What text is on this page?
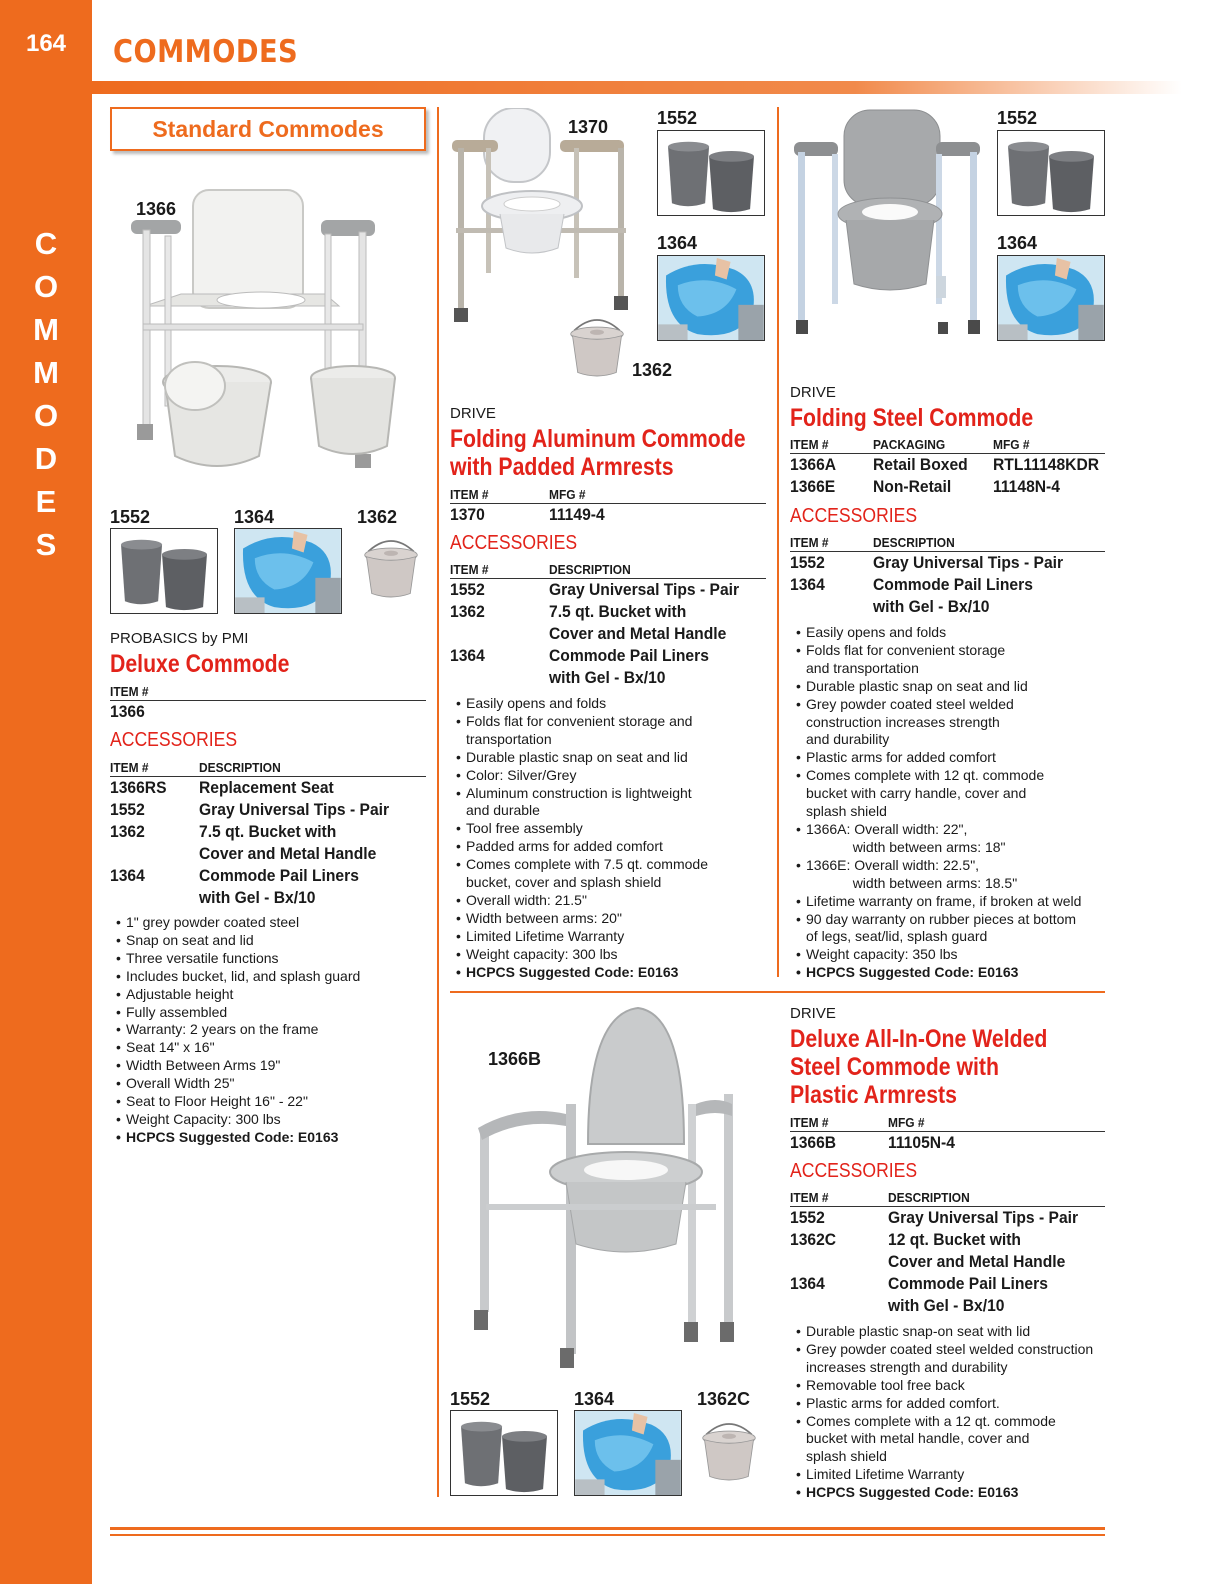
164
C
O
M
M
O
D
E
S
COMMODES
Standard Commodes
1366
1552	1364	1362
PROBASICS by PMI
Deluxe Commode
ITEM #
1366
ACCESSORIES
ITEM #	DESCRIPTION
1366RS	Replacement Seat
1552	Gray Universal Tips - Pair
1362	7.5 qt. Bucket with
Cover and Metal Handle
1364	Commode Pail Liners
with Gel - Bx/10
• 1" grey powder coated steel
• Snap on seat and lid
• Three versatile functions
• Includes bucket, lid, and splash guard
• Adjustable height
• Fully assembled
• Warranty: 2 years on the frame
• Seat 14" x 16"
• Width Between Arms 19"
• Overall Width 25"
• Seat to Floor Height 16" - 22"
• Weight Capacity: 300 lbs
• HCPCS Suggested Code: E0163
1370	1552
1364
1362
DRIVE
Folding Aluminum Commode
with Padded Armrests
ITEM #	MFG #
1370	11149-4
ACCESSORIES
ITEM #	DESCRIPTION
1552	Gray Universal Tips - Pair
1362	7.5 qt. Bucket with
Cover and Metal Handle
1364	Commode Pail Liners
with Gel - Bx/10
• Easily opens and folds
• Folds flat for convenient storage and
transportation
• Durable plastic snap on seat and lid
• Color: Silver/Grey
• Aluminum construction is lightweight
and durable
• Tool free assembly
• Padded arms for added comfort
• Comes complete with 7.5 qt. commode
bucket, cover and splash shield
• Overall width: 21.5"
• Width between arms: 20"
• Limited Lifetime Warranty
• Weight capacity: 300 lbs
• HCPCS Suggested Code: E0163
1552
1364
DRIVE
Folding Steel Commode
ITEM #	PACKAGING	MFG #
1366A	Retail Boxed	RTL11148KDR
1366E	Non-Retail	11148N-4
ACCESSORIES
ITEM #	DESCRIPTION
1552	Gray Universal Tips - Pair
1364	Commode Pail Liners
with Gel - Bx/10
• Easily opens and folds
• Folds flat for convenient storage
and transportation
• Durable plastic snap on seat and lid
• Grey powder coated steel welded
construction increases strength
and durability
• Plastic arms for added comfort
• Comes complete with 12 qt. commode
bucket with carry handle, cover and
splash shield
• 1366A: Overall width: 22",
width between arms: 18"
• 1366E: Overall width: 22.5",
width between arms: 18.5"
• Lifetime warranty on frame, if broken at weld
• 90 day warranty on rubber pieces at bottom
of legs, seat/lid, splash guard
• Weight capacity: 350 lbs
• HCPCS Suggested Code: E0163
1366B
1552	1364	1362C
DRIVE
Deluxe All-In-One Welded
Steel Commode with
Plastic Armrests
ITEM #	MFG #
1366B	11105N-4
ACCESSORIES
ITEM #	DESCRIPTION
1552	Gray Universal Tips - Pair
1362C	12 qt. Bucket with
Cover and Metal Handle
1364	Commode Pail Liners
with Gel - Bx/10
• Durable plastic snap-on seat with lid
• Grey powder coated steel welded construction
increases strength and durability
• Removable tool free back
• Plastic arms for added comfort.
• Comes complete with a 12 qt. commode
bucket with metal handle, cover and
splash shield
• Limited Lifetime Warranty
• HCPCS Suggested Code: E0163
